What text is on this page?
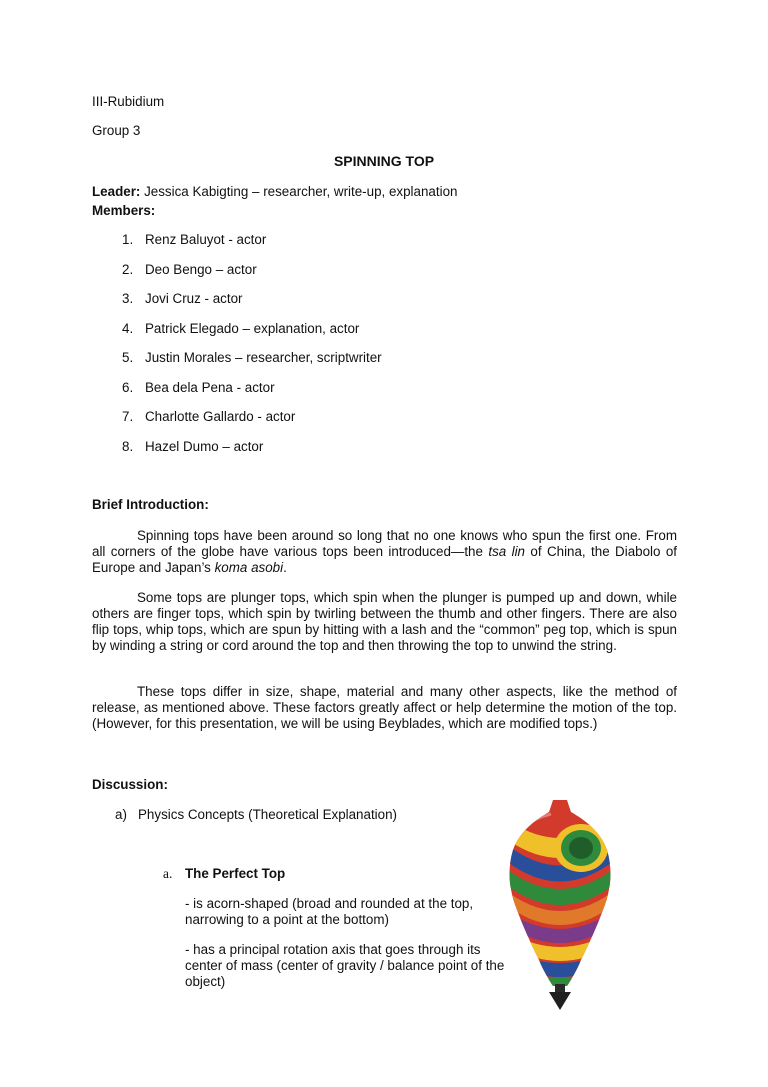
III-Rubidium
Group 3
SPINNING TOP
Leader: Jessica Kabigting – researcher, write-up, explanation
Members:
1. Renz Baluyot - actor
2. Deo Bengo – actor
3. Jovi Cruz - actor
4. Patrick Elegado – explanation, actor
5. Justin Morales – researcher, scriptwriter
6. Bea dela Pena - actor
7. Charlotte Gallardo - actor
8. Hazel Dumo – actor
Brief Introduction:

Spinning tops have been around so long that no one knows who spun the first one. From all corners of the globe have various tops been introduced—the tsa lin of China, the Diabolo of Europe and Japan’s koma asobi.

Some tops are plunger tops, which spin when the plunger is pumped up and down, while others are finger tops, which spin by twirling between the thumb and other fingers. There are also flip tops, whip tops, which are spun by hitting with a lash and the “common” peg top, which is spun by winding a string or cord around the top and then throwing the top to unwind the string.

These tops differ in size, shape, material and many other aspects, like the method of release, as mentioned above. These factors greatly affect or help determine the motion of the top. (However, for this presentation, we will be using Beyblades, which are modified tops.)

Discussion:
a) Physics Concepts (Theoretical Explanation)
a. The Perfect Top

- is acorn-shaped (broad and rounded at the top, narrowing to a point at the bottom)

- has a principal rotation axis that goes through its center of mass (center of gravity / balance point of the object)
